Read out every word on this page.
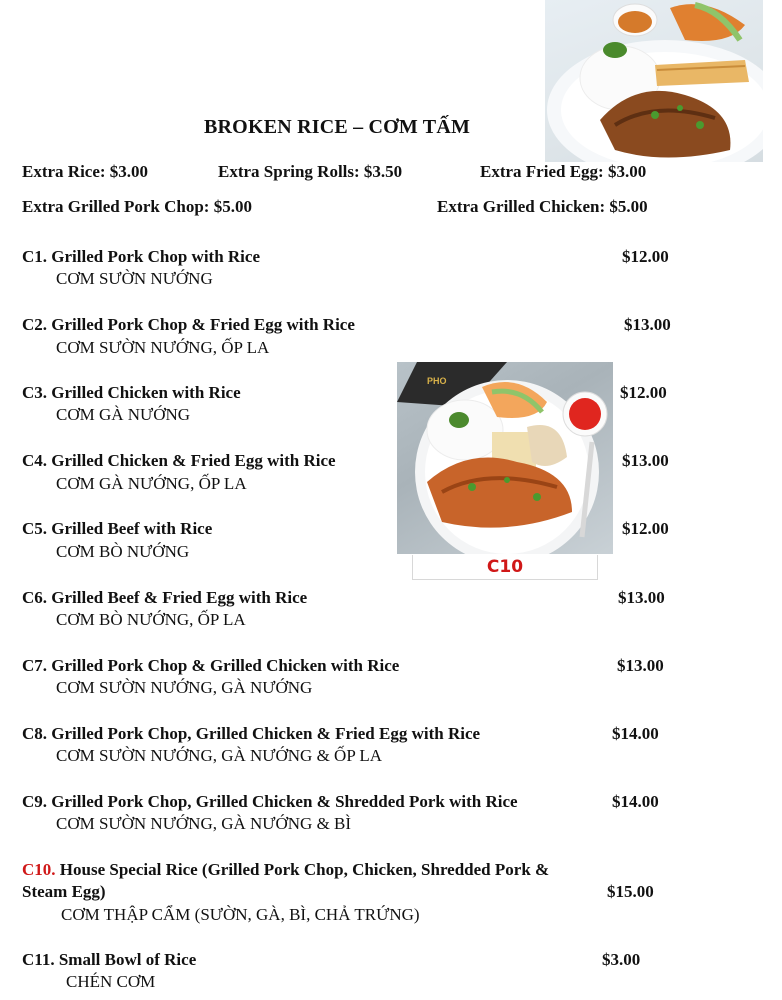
BROKEN RICE – CƠM TẤM
Extra Rice: $3.00	Extra Spring Rolls: $3.50	Extra Fried Egg: $3.00
Extra Grilled Pork Chop: $5.00	Extra Grilled Chicken: $5.00
C1. Grilled Pork Chop with Rice
CƠM SƯỜN NƯỚNG
$12.00
C2. Grilled Pork Chop & Fried Egg with Rice
CƠM SƯỜN NƯỚNG, ỐP LA
$13.00
C3. Grilled Chicken with Rice
CƠM GÀ NƯỚNG
$12.00
C4. Grilled Chicken & Fried Egg with Rice
CƠM GÀ NƯỚNG, ỐP LA
$13.00
C5. Grilled Beef with Rice
CƠM BÒ NƯỚNG
$12.00
PHO
C10
C6. Grilled Beef & Fried Egg with Rice
CƠM BÒ NƯỚNG, ỐP LA
$13.00
C7. Grilled Pork Chop & Grilled Chicken with Rice
CƠM SƯỜN NƯỚNG, GÀ NƯỚNG
$13.00
C8. Grilled Pork Chop, Grilled Chicken & Fried Egg with Rice
CƠM SƯỜN NƯỚNG, GÀ NƯỚNG & ỐP LA
$14.00
C9. Grilled Pork Chop, Grilled Chicken & Shredded Pork with Rice
CƠM SƯỜN NƯỚNG, GÀ NƯỚNG & BÌ
$14.00
C10. House Special Rice (Grilled Pork Chop, Chicken, Shredded Pork &
Steam Egg)	$15.00
CƠM THẬP CẨM (SƯỜN, GÀ, BÌ, CHẢ TRỨNG)
C11. Small Bowl of Rice
CHÉN CƠM
$3.00
